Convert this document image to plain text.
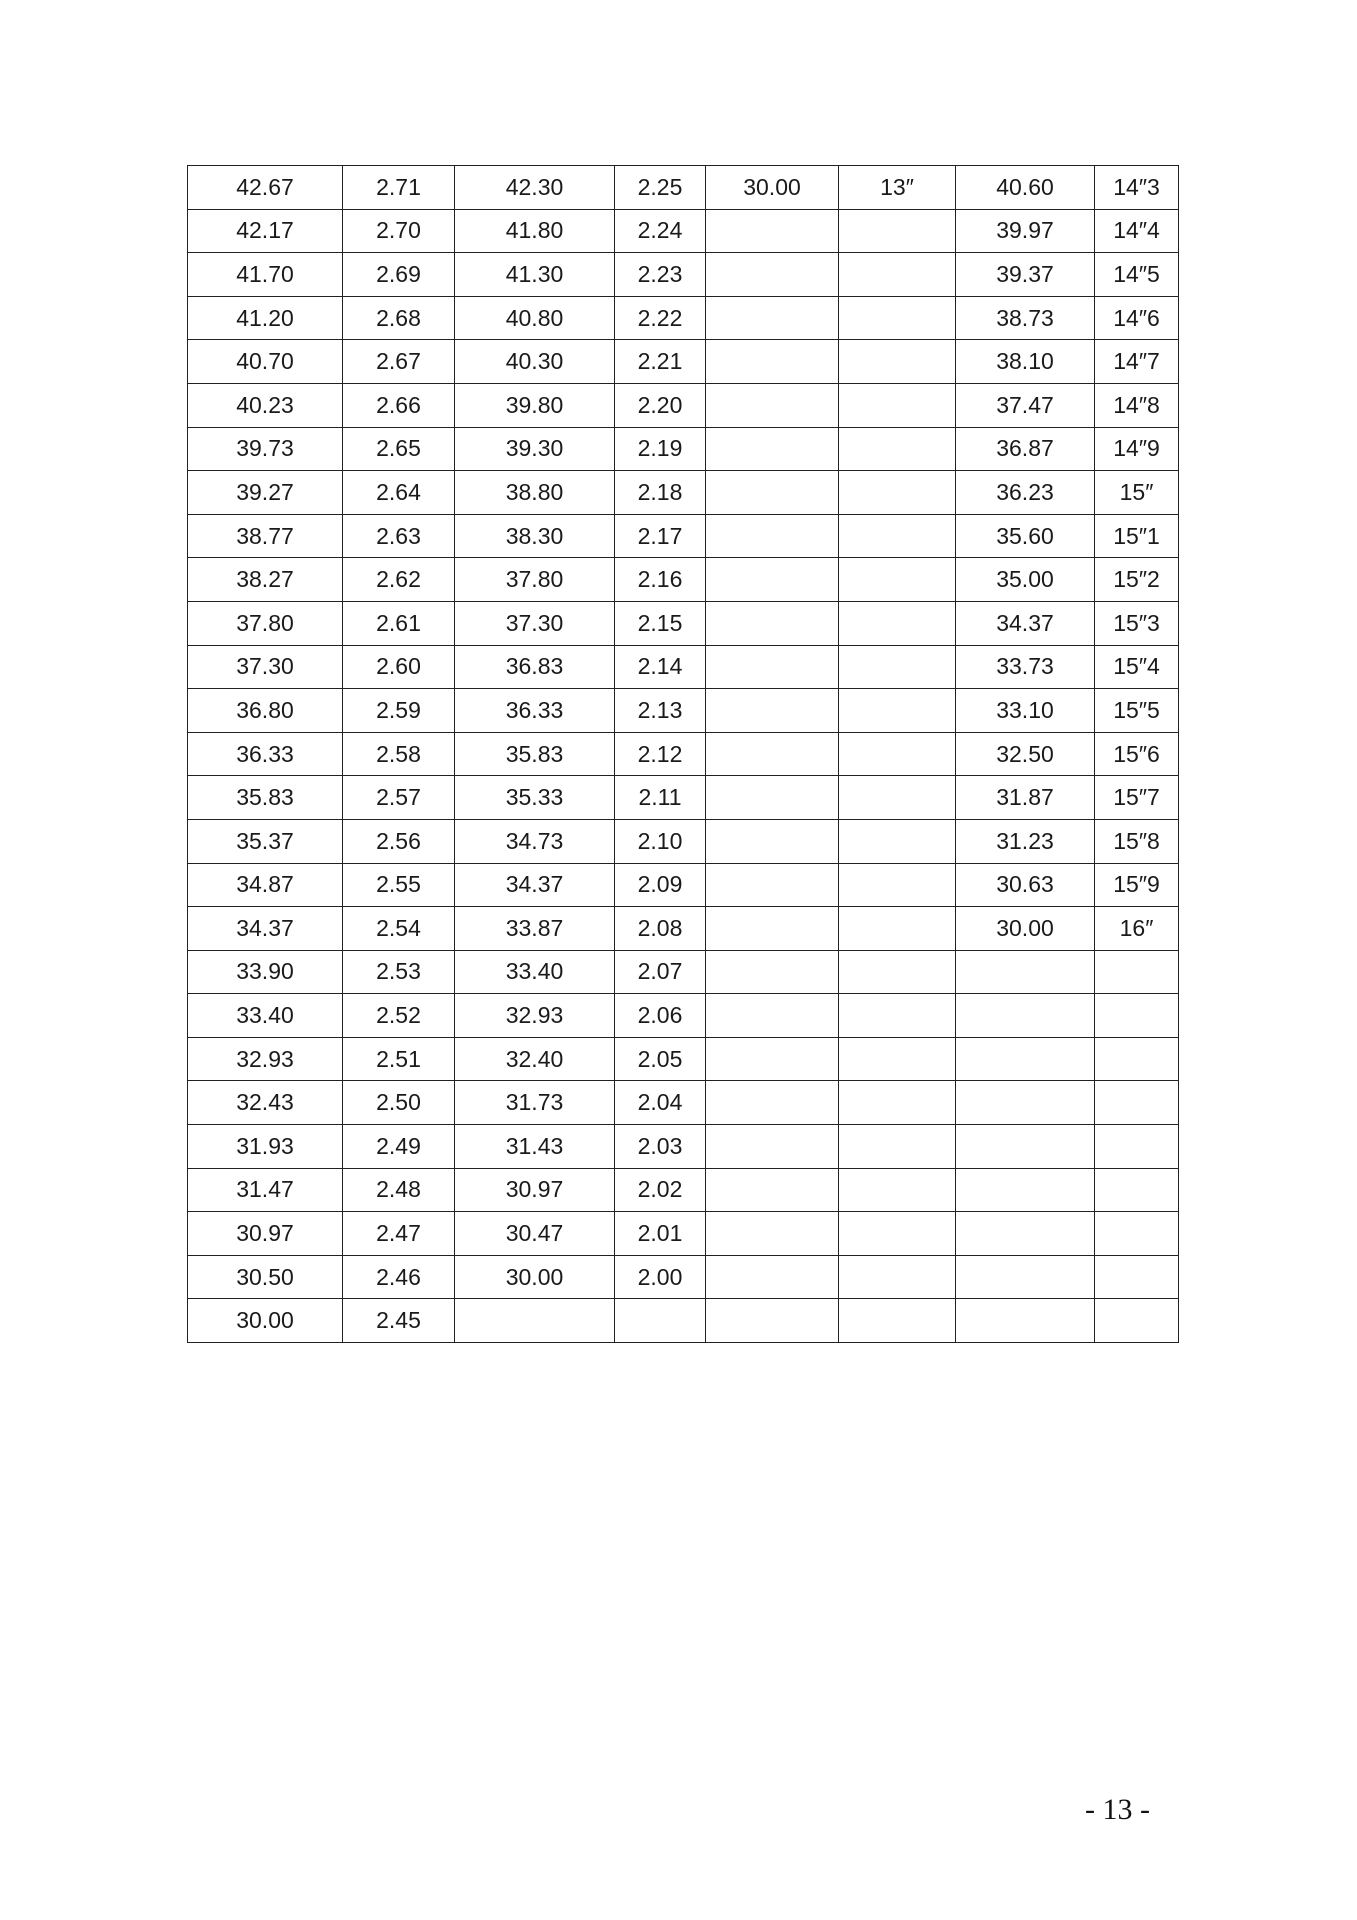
42.67	2.71	42.30	2.25	30.00	13″	40.60	14″3
42.17	2.70	41.80	2.24			39.97	14″4
41.70	2.69	41.30	2.23			39.37	14″5
41.20	2.68	40.80	2.22			38.73	14″6
40.70	2.67	40.30	2.21			38.10	14″7
40.23	2.66	39.80	2.20			37.47	14″8
39.73	2.65	39.30	2.19			36.87	14″9
39.27	2.64	38.80	2.18			36.23	15″
38.77	2.63	38.30	2.17			35.60	15″1
38.27	2.62	37.80	2.16			35.00	15″2
37.80	2.61	37.30	2.15			34.37	15″3
37.30	2.60	36.83	2.14			33.73	15″4
36.80	2.59	36.33	2.13			33.10	15″5
36.33	2.58	35.83	2.12			32.50	15″6
35.83	2.57	35.33	2.11			31.87	15″7
35.37	2.56	34.73	2.10			31.23	15″8
34.87	2.55	34.37	2.09			30.63	15″9
34.37	2.54	33.87	2.08			30.00	16″
33.90	2.53	33.40	2.07				
33.40	2.52	32.93	2.06				
32.93	2.51	32.40	2.05				
32.43	2.50	31.73	2.04				
31.93	2.49	31.43	2.03				
31.47	2.48	30.97	2.02				
30.97	2.47	30.47	2.01				
30.50	2.46	30.00	2.00				
30.00	2.45						
- 13 -
